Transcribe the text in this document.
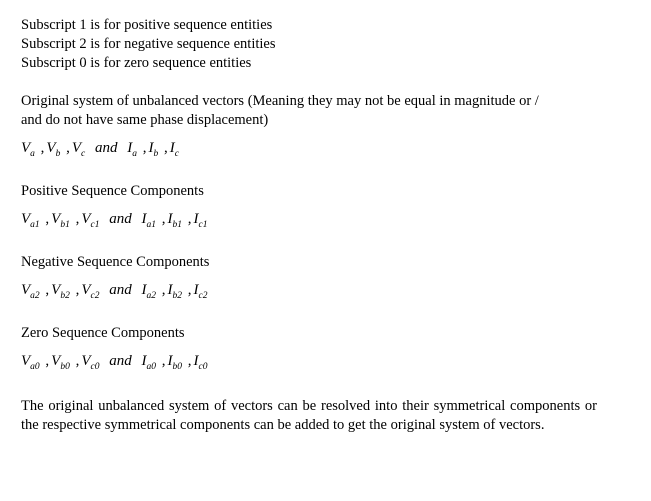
Subscript 1 is for positive sequence entities
Subscript 2 is for negative sequence entities
Subscript 0 is for zero sequence entities
Original system of unbalanced vectors (Meaning they may not be equal in magnitude or /
and do not have same phase displacement)
$V_a$ , $V_b$ , $V_c$ and $I_a$ , $I_b$ , $I_c$
Positive Sequence Components
$V_{a1}$ , $V_{b1}$ , $V_{c1}$ and $I_{a1}$ , $I_{b1}$ , $I_{c1}$
Negative Sequence Components
$V_{a2}$ , $V_{b2}$ , $V_{c2}$ and $I_{a2}$ , $I_{b2}$ , $I_{c2}$
Zero Sequence Components
$V_{a0}$ , $V_{b0}$ , $V_{c0}$ and $I_{a0}$ , $I_{b0}$ , $I_{c0}$
The original unbalanced system of vectors can be resolved into their symmetrical components or the respective symmetrical components can be added to get the original system of vectors.
